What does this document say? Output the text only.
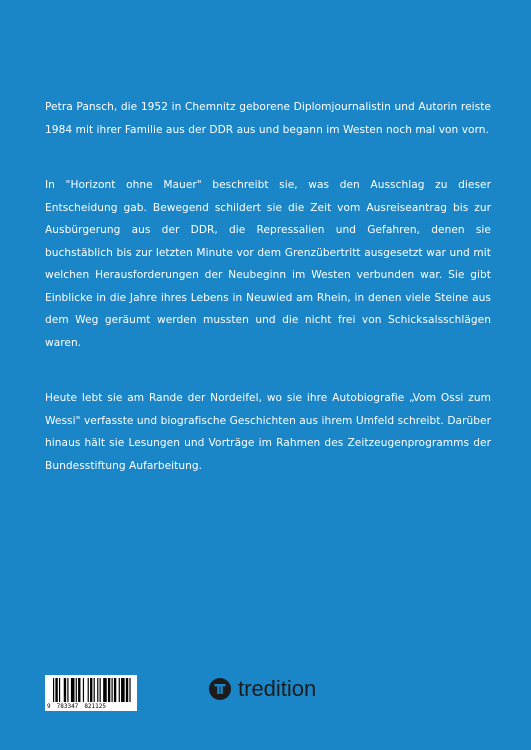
Petra Pansch, die 1952 in Chemnitz geborene Diplomjournalistin und Autorin reiste 1984 mit ihrer Familie aus der DDR aus und begann im Westen noch mal von vorn.

In "Horizont ohne Mauer" beschreibt sie, was den Ausschlag zu dieser Entscheidung gab. Bewegend schildert sie die Zeit vom Ausreiseantrag bis zur Ausbürgerung aus der DDR, die Repressalien und Gefahren, denen sie buchstäblich bis zur letzten Minute vor dem Grenzübertritt ausgesetzt war und mit welchen Herausforderungen der Neubeginn im Westen verbunden war. Sie gibt Einblicke in die Jahre ihres Lebens in Neuwied am Rhein, in denen viele Steine aus dem Weg geräumt werden mussten und die nicht frei von Schicksalsschlägen waren.

Heute lebt sie am Rande der Nordeifel, wo sie ihre Autobiografie „Vom Ossi zum Wessi" verfasste und biografische Geschichten aus ihrem Umfeld schreibt. Darüber hinaus hält sie Lesungen und Vorträge im Rahmen des Zeitzeugenprogramms der Bundesstiftung Aufarbeitung.

9 783347 821125
tredition
